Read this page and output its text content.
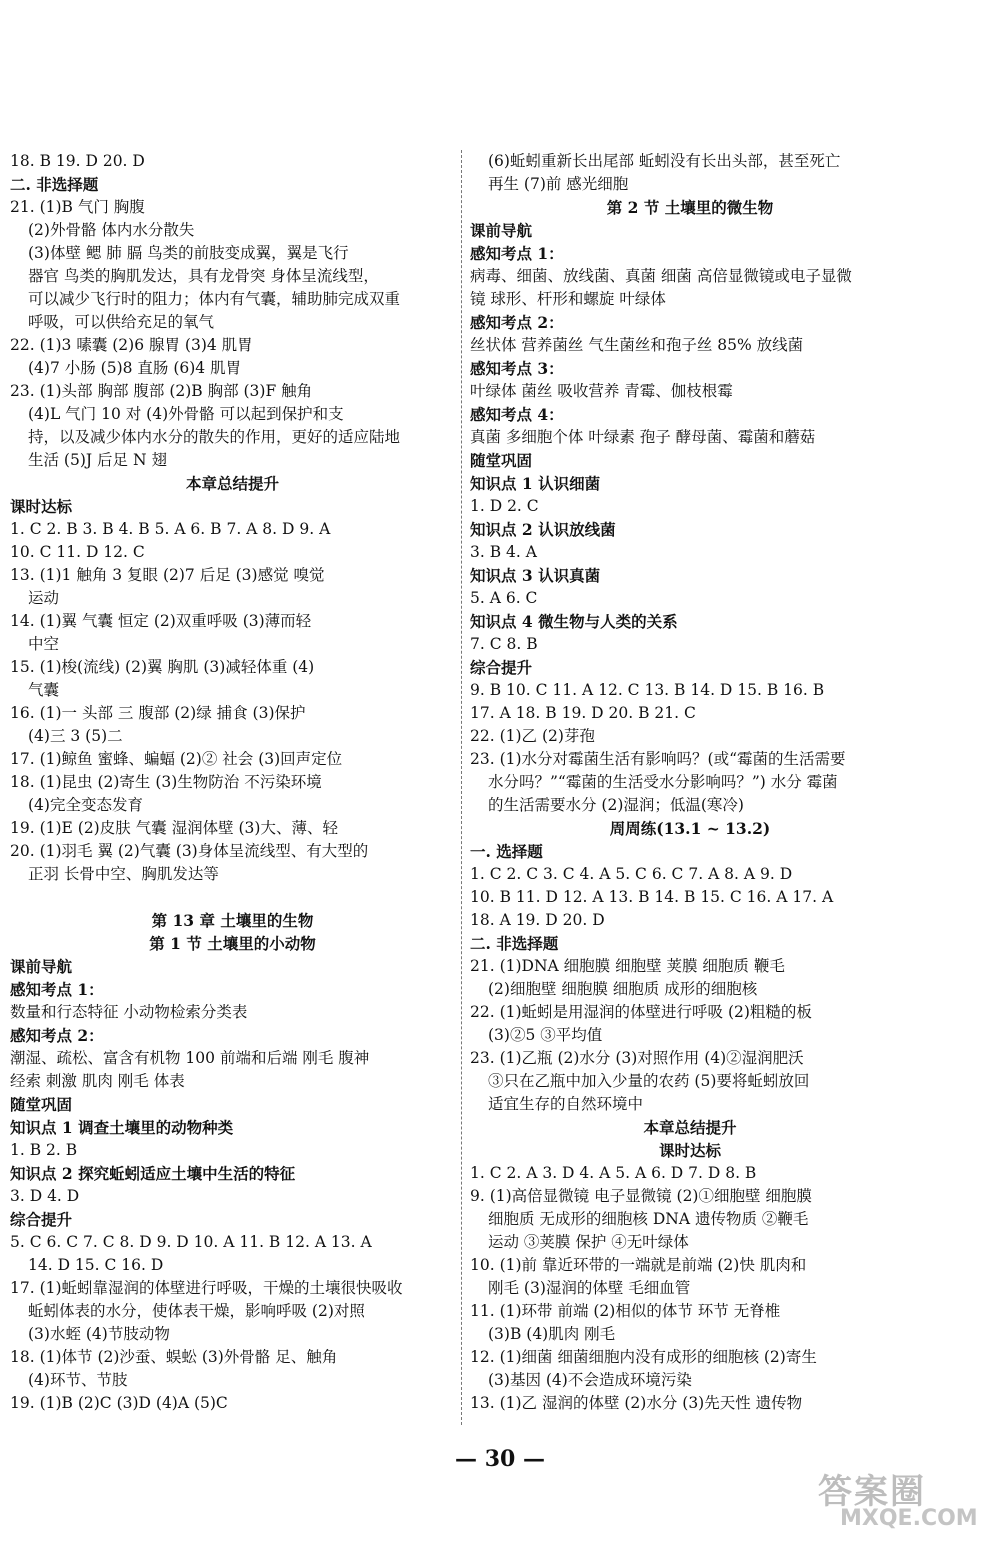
18. B 19. D 20. D
二. 非选择题
21. (1)B 气门 胸腹
(2)外骨骼 体内水分散失
(3)体壁 鳃 肺 膈 鸟类的前肢变成翼，翼是飞行
器官 鸟类的胸肌发达，具有龙骨突 身体呈流线型，
可以减少飞行时的阻力；体内有气囊，辅助肺完成双重
呼吸，可以供给充足的氧气
22. (1)3 嗉囊 (2)6 腺胃 (3)4 肌胃
(4)7 小肠 (5)8 直肠 (6)4 肌胃
23. (1)头部 胸部 腹部 (2)B 胸部 (3)F 触角
(4)L 气门 10 对 (4)外骨骼 可以起到保护和支
持，以及减少体内水分的散失的作用，更好的适应陆地
生活 (5)J 后足 N 翅
本章总结提升
课时达标
1. C 2. B 3. B 4. B 5. A 6. B 7. A 8. D 9. A
10. C 11. D 12. C
13. (1)1 触角 3 复眼 (2)7 后足 (3)感觉 嗅觉
运动
14. (1)翼 气囊 恒定 (2)双重呼吸 (3)薄而轻
中空
15. (1)梭(流线) (2)翼 胸肌 (3)减轻体重 (4)
气囊
16. (1)一 头部 三 腹部 (2)绿 捕食 (3)保护
(4)三 3 (5)二
17. (1)鲸鱼 蜜蜂、蝙蝠 (2)② 社会 (3)回声定位
18. (1)昆虫 (2)寄生 (3)生物防治 不污染环境
(4)完全变态发育
19. (1)E (2)皮肤 气囊 湿润体壁 (3)大、薄、轻
20. (1)羽毛 翼 (2)气囊 (3)身体呈流线型、有大型的
正羽 长骨中空、胸肌发达等
第 13 章 土壤里的生物
第 1 节 土壤里的小动物
课前导航
感知考点 1：
数量和行态特征 小动物检索分类表
感知考点 2：
潮湿、疏松、富含有机物 100 前端和后端 刚毛 腹神
经索 刺激 肌肉 刚毛 体表
随堂巩固
知识点 1 调查土壤里的动物种类
1. B 2. B
知识点 2 探究蚯蚓适应土壤中生活的特征
3. D 4. D
综合提升
5. C 6. C 7. C 8. D 9. D 10. A 11. B 12. A 13. A
14. D 15. C 16. D
17. (1)蚯蚓靠湿润的体壁进行呼吸，干燥的土壤很快吸收
蚯蚓体表的水分，使体表干燥，影响呼吸 (2)对照
(3)水蛭 (4)节肢动物
18. (1)体节 (2)沙蚕、蜈蚣 (3)外骨骼 足、触角
(4)环节、节肢
19. (1)B (2)C (3)D (4)A (5)C
(6)蚯蚓重新长出尾部 蚯蚓没有长出头部，甚至死亡
再生 (7)前 感光细胞
第 2 节 土壤里的微生物
课前导航
感知考点 1：
病毒、细菌、放线菌、真菌 细菌 高倍显微镜或电子显微
镜 球形、杆形和螺旋 叶绿体
感知考点 2：
丝状体 营养菌丝 气生菌丝和孢子丝 85% 放线菌
感知考点 3：
叶绿体 菌丝 吸收营养 青霉、伽枝根霉
感知考点 4：
真菌 多细胞个体 叶绿素 孢子 酵母菌、霉菌和蘑菇
随堂巩固
知识点 1 认识细菌
1. D 2. C
知识点 2 认识放线菌
3. B 4. A
知识点 3 认识真菌
5. A 6. C
知识点 4 微生物与人类的关系
7. C 8. B
综合提升
9. B 10. C 11. A 12. C 13. B 14. D 15. B 16. B
17. A 18. B 19. D 20. B 21. C
22. (1)乙 (2)芽孢
23. (1)水分对霉菌生活有影响吗？(或“霉菌的生活需要
水分吗？”“霉菌的生活受水分影响吗？”) 水分 霉菌
的生活需要水分 (2)湿润；低温(寒冷)
周周练(13.1 ~ 13.2)
一. 选择题
1. C 2. C 3. C 4. A 5. C 6. C 7. A 8. A 9. D
10. B 11. D 12. A 13. B 14. B 15. C 16. A 17. A
18. A 19. D 20. D
二. 非选择题
21. (1)DNA 细胞膜 细胞壁 荚膜 细胞质 鞭毛
(2)细胞壁 细胞膜 细胞质 成形的细胞核
22. (1)蚯蚓是用湿润的体壁进行呼吸 (2)粗糙的板
(3)②5 ③平均值
23. (1)乙瓶 (2)水分 (3)对照作用 (4)②湿润肥沃
③只在乙瓶中加入少量的农药 (5)要将蚯蚓放回
适宜生存的自然环境中
本章总结提升
课时达标
1. C 2. A 3. D 4. A 5. A 6. D 7. D 8. B
9. (1)高倍显微镜 电子显微镜 (2)①细胞壁 细胞膜
细胞质 无成形的细胞核 DNA 遗传物质 ②鞭毛
运动 ③荚膜 保护 ④无叶绿体
10. (1)前 靠近环带的一端就是前端 (2)快 肌肉和
刚毛 (3)湿润的体壁 毛细血管
11. (1)环带 前端 (2)相似的体节 环节 无脊椎
(3)B (4)肌肉 刚毛
12. (1)细菌 细菌细胞内没有成形的细胞核 (2)寄生
(3)基因 (4)不会造成环境污染
13. (1)乙 湿润的体壁 (2)水分 (3)先天性 遗传物
— 30 —
答案圈
MXQE.COM
